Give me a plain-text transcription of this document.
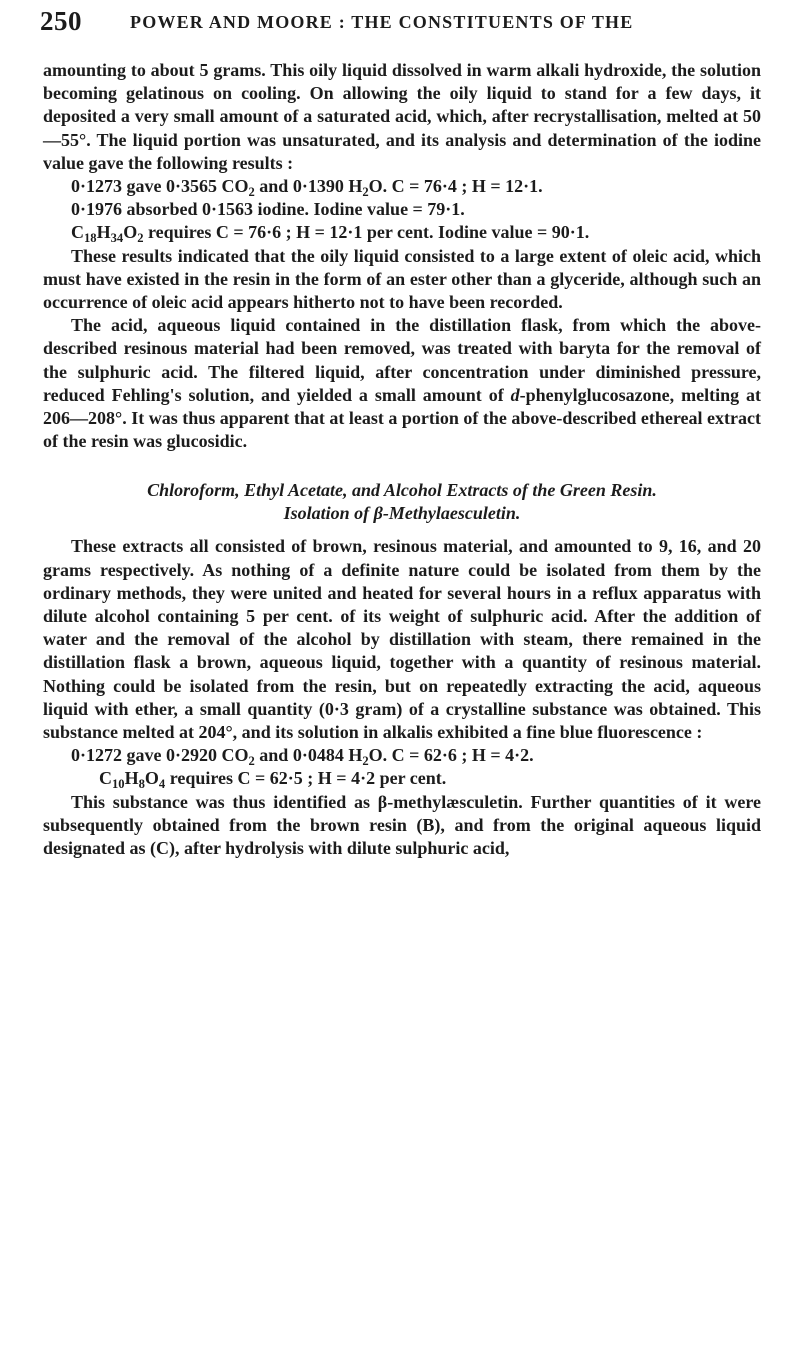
250	POWER AND MOORE : THE CONSTITUENTS OF THE

amounting to about 5 grams. This oily liquid dissolved in warm alkali hydroxide, the solution becoming gelatinous on cooling. On allowing the oily liquid to stand for a few days, it deposited a very small amount of a saturated acid, which, after recrystallisation, melted at 50—55°. The liquid portion was unsaturated, and its analysis and determination of the iodine value gave the following results :

0·1273 gave 0·3565 $CO_2$ and 0·1390 $H_2O$. C = 76·4 ; H = 12·1.
0·1976 absorbed 0·1563 iodine. Iodine value = 79·1.
$C_{18}H_{34}O_2$ requires C = 76·6 ; H = 12·1 per cent. Iodine value = 90·1.

These results indicated that the oily liquid consisted to a large extent of oleic acid, which must have existed in the resin in the form of an ester other than a glyceride, although such an occurrence of oleic acid appears hitherto not to have been recorded.

The acid, aqueous liquid contained in the distillation flask, from which the above-described resinous material had been removed, was treated with baryta for the removal of the sulphuric acid. The filtered liquid, after concentration under diminished pressure, reduced Fehling's solution, and yielded a small amount of d-phenylglucosazone, melting at 206—208°. It was thus apparent that at least a portion of the above-described ethereal extract of the resin was glucosidic.

Chloroform, Ethyl Acetate, and Alcohol Extracts of the Green Resin.
Isolation of β-Methylaesculetin.

These extracts all consisted of brown, resinous material, and amounted to 9, 16, and 20 grams respectively. As nothing of a definite nature could be isolated from them by the ordinary methods, they were united and heated for several hours in a reflux apparatus with dilute alcohol containing 5 per cent. of its weight of sulphuric acid. After the addition of water and the removal of the alcohol by distillation with steam, there remained in the distillation flask a brown, aqueous liquid, together with a quantity of resinous material. Nothing could be isolated from the resin, but on repeatedly extracting the acid, aqueous liquid with ether, a small quantity (0·3 gram) of a crystalline substance was obtained. This substance melted at 204°, and its solution in alkalis exhibited a fine blue fluorescence :

0·1272 gave 0·2920 $CO_2$ and 0·0484 $H_2O$. C = 62·6 ; H = 4·2.
$C_{10}H_8O_4$ requires C = 62·5 ; H = 4·2 per cent.

This substance was thus identified as β-methylæsculetin. Further quantities of it were subsequently obtained from the brown resin (B), and from the original aqueous liquid designated as (C), after hydrolysis with dilute sulphuric acid,
